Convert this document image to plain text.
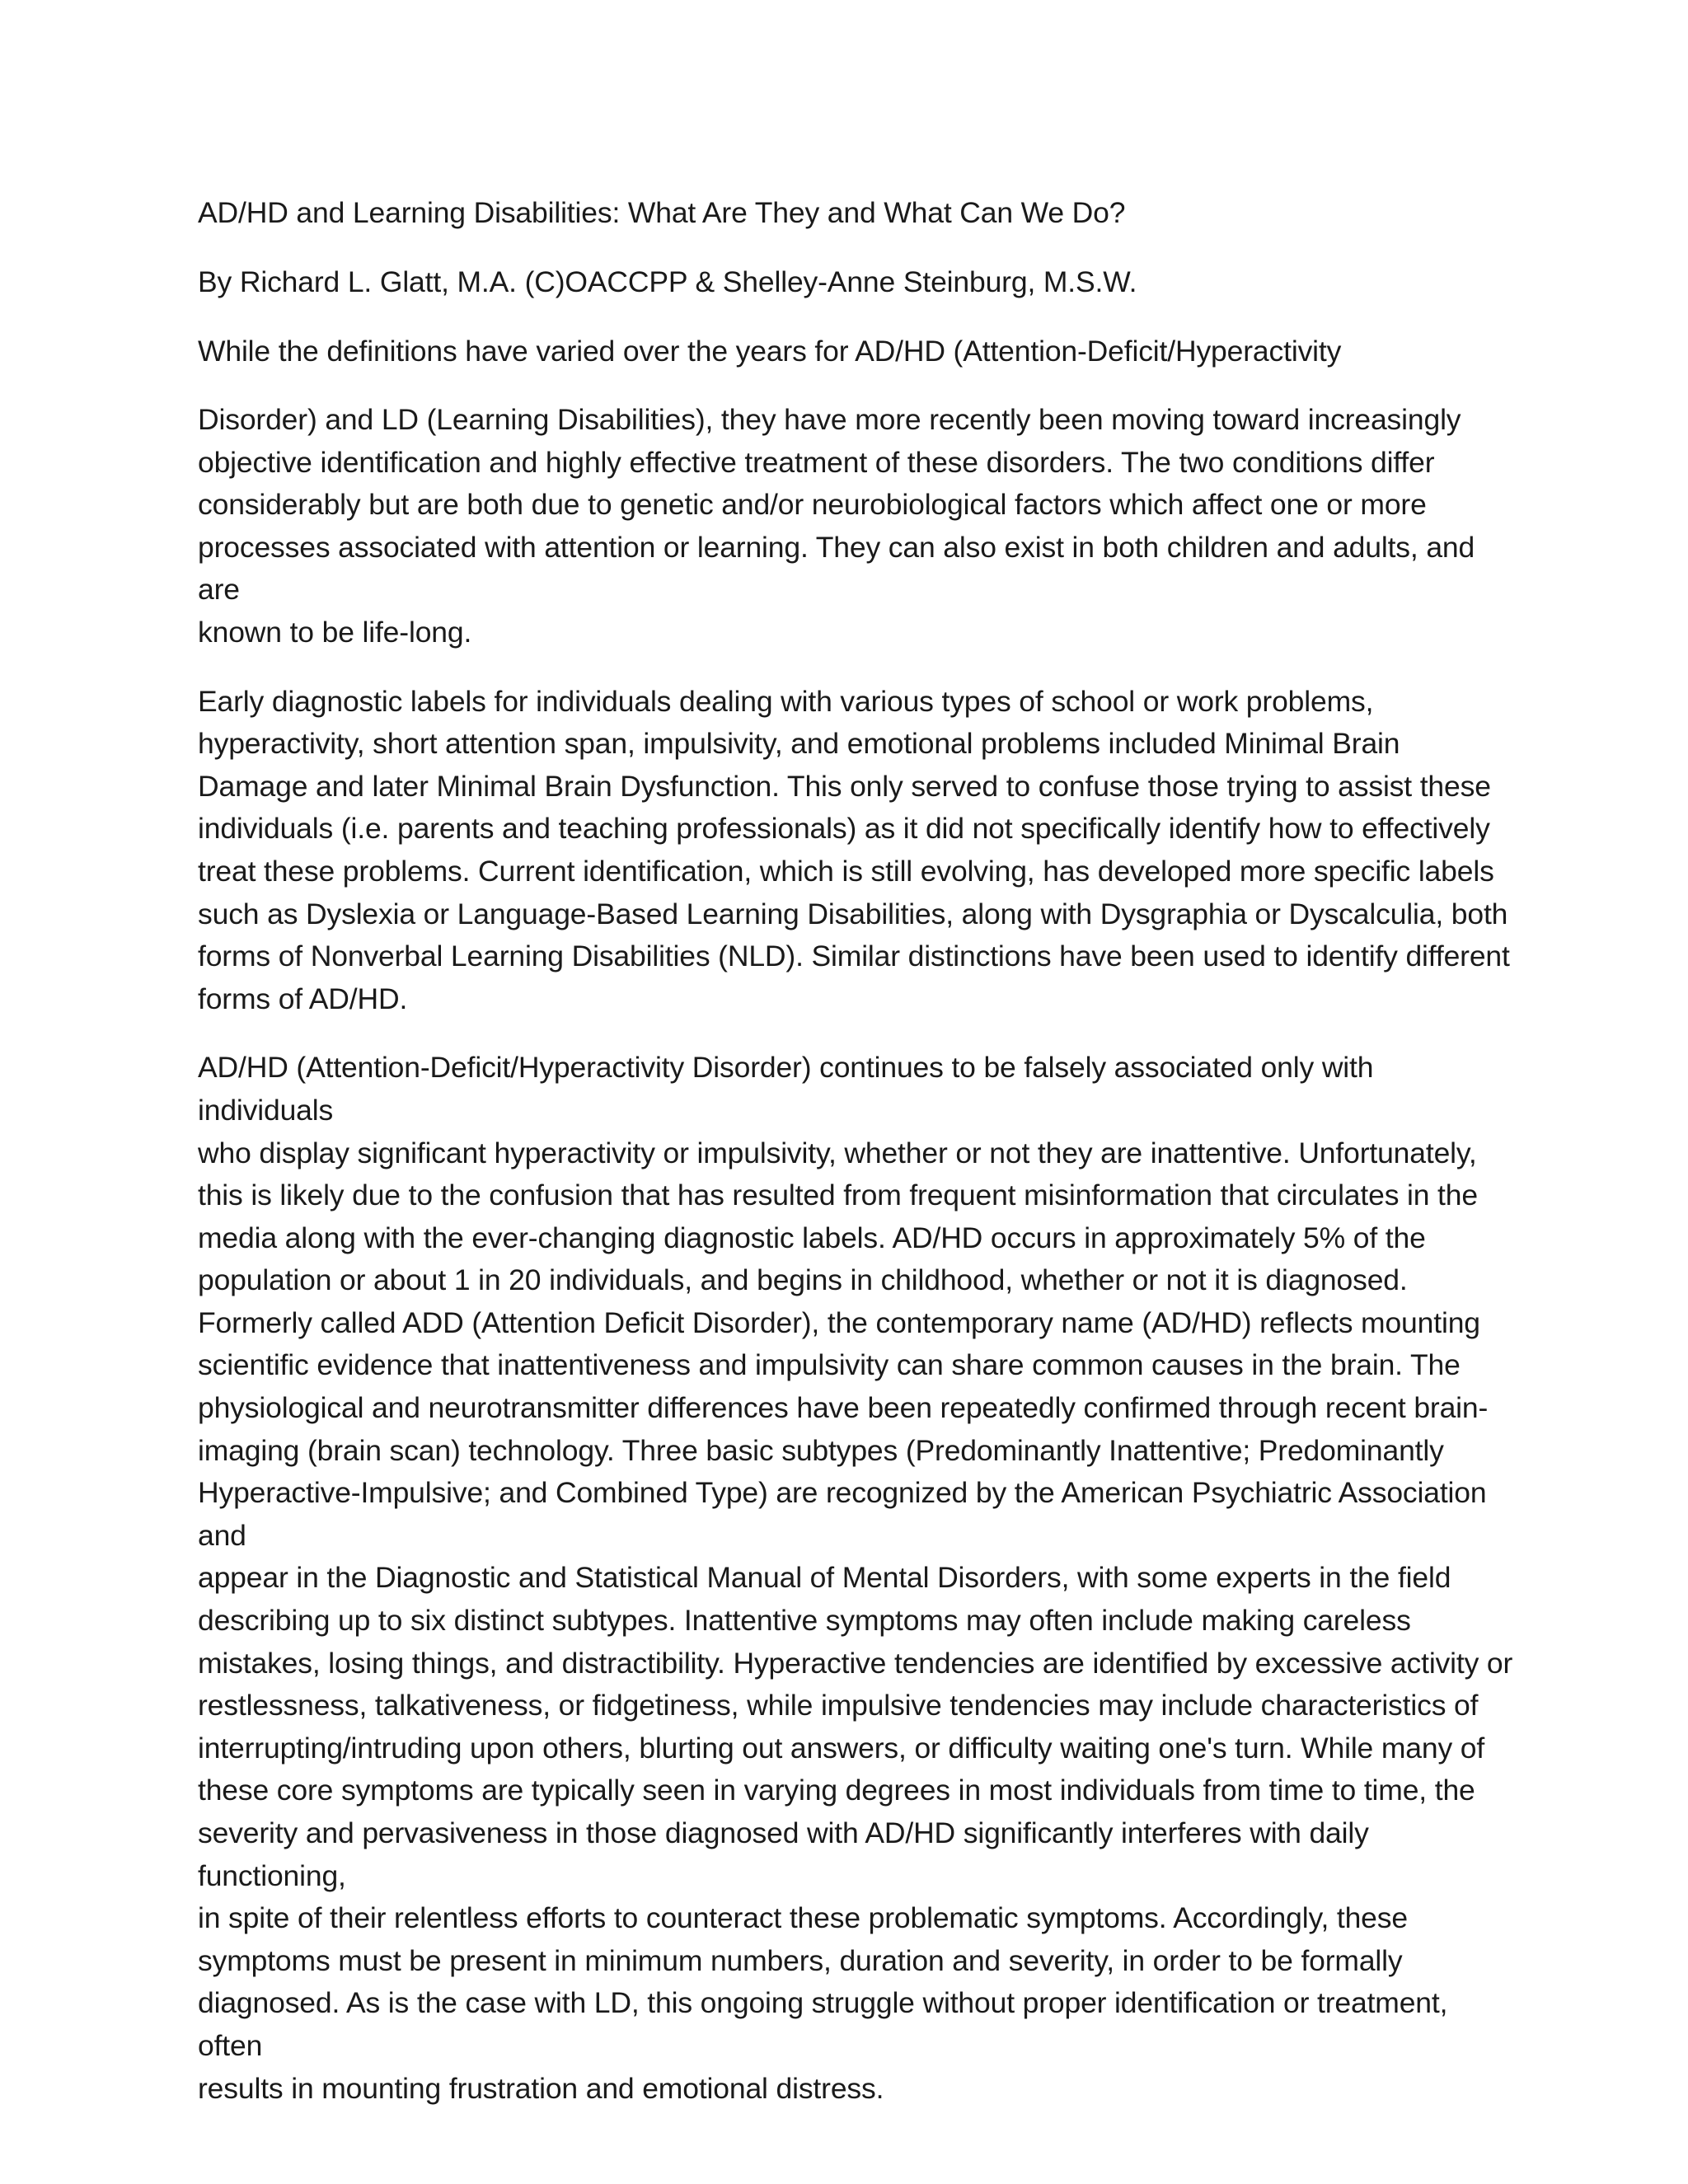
AD/HD and Learning Disabilities: What Are They and What Can We Do?

By Richard L. Glatt, M.A. (C)OACCPP & Shelley-Anne Steinburg, M.S.W.

While the definitions have varied over the years for AD/HD (Attention-Deficit/Hyperactivity

Disorder) and LD (Learning Disabilities), they have more recently been moving toward increasingly
objective identification and highly effective treatment of these disorders. The two conditions differ
considerably but are both due to genetic and/or neurobiological factors which affect one or more
processes associated with attention or learning. They can also exist in both children and adults, and are
known to be life-long.

Early diagnostic labels for individuals dealing with various types of school or work problems,
hyperactivity, short attention span, impulsivity, and emotional problems included Minimal Brain
Damage and later Minimal Brain Dysfunction. This only served to confuse those trying to assist these
individuals (i.e. parents and teaching professionals) as it did not specifically identify how to effectively
treat these problems. Current identification, which is still evolving, has developed more specific labels
such as Dyslexia or Language-Based Learning Disabilities, along with Dysgraphia or Dyscalculia, both
forms of Nonverbal Learning Disabilities (NLD). Similar distinctions have been used to identify different
forms of AD/HD.

AD/HD (Attention-Deficit/Hyperactivity Disorder) continues to be falsely associated only with individuals
who display significant hyperactivity or impulsivity, whether or not they are inattentive. Unfortunately,
this is likely due to the confusion that has resulted from frequent misinformation that circulates in the
media along with the ever-changing diagnostic labels. AD/HD occurs in approximately 5% of the
population or about 1 in 20 individuals, and begins in childhood, whether or not it is diagnosed.
Formerly called ADD (Attention Deficit Disorder), the contemporary name (AD/HD) reflects mounting
scientific evidence that inattentiveness and impulsivity can share common causes in the brain. The
physiological and neurotransmitter differences have been repeatedly confirmed through recent brain-
imaging (brain scan) technology. Three basic subtypes (Predominantly Inattentive; Predominantly
Hyperactive-Impulsive; and Combined Type) are recognized by the American Psychiatric Association and
appear in the Diagnostic and Statistical Manual of Mental Disorders, with some experts in the field
describing up to six distinct subtypes. Inattentive symptoms may often include making careless
mistakes, losing things, and distractibility. Hyperactive tendencies are identified by excessive activity or
restlessness, talkativeness, or fidgetiness, while impulsive tendencies may include characteristics of
interrupting/intruding upon others, blurting out answers, or difficulty waiting one's turn. While many of
these core symptoms are typically seen in varying degrees in most individuals from time to time, the
severity and pervasiveness in those diagnosed with AD/HD significantly interferes with daily functioning,
in spite of their relentless efforts to counteract these problematic symptoms. Accordingly, these
symptoms must be present in minimum numbers, duration and severity, in order to be formally
diagnosed. As is the case with LD, this ongoing struggle without proper identification or treatment, often
results in mounting frustration and emotional distress.
